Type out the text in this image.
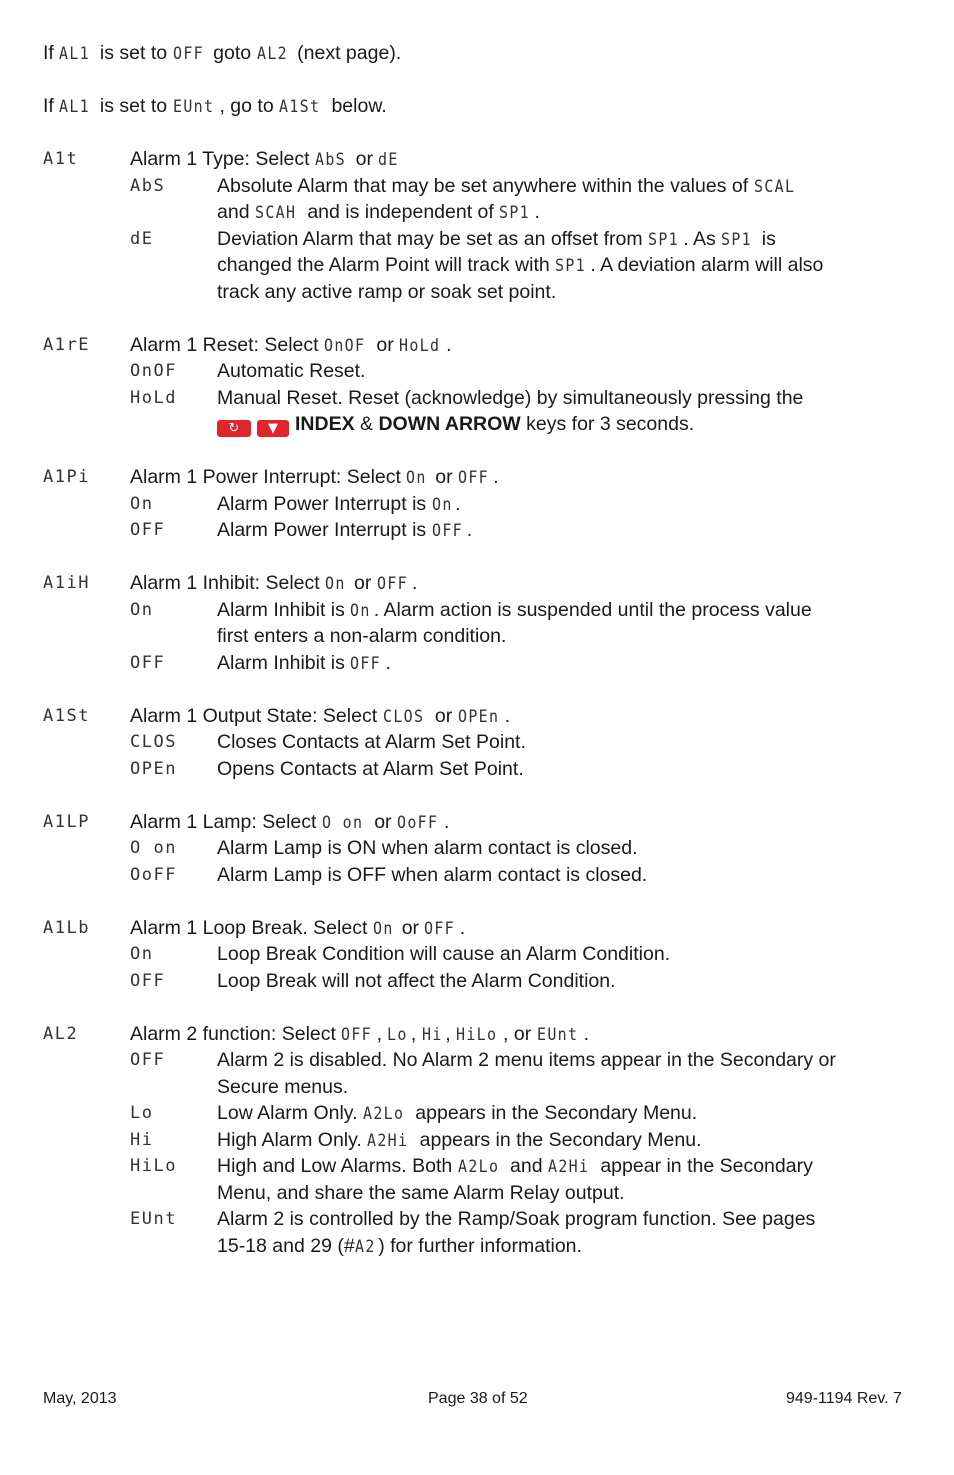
If AL1 is set to OFF goto AL2 (next page).
If AL1 is set to EUnt , go to A1St below.
A1t	Alarm 1 Type: Select AbS or dE
AbS	Absolute Alarm that may be set anywhere within the values of SCAL
and SCAH and is independent of SP1 .
dE	Deviation Alarm that may be set as an offset from SP1 . As SP1 is
changed the Alarm Point will track with SP1 . A deviation alarm will also
track any active ramp or soak set point.
A1rE Alarm 1 Reset: Select OnOF or HoLd .
OnOF Automatic Reset.
HoLd Manual Reset. Reset (acknowledge) by simultaneously pressing the
↻ ▼ INDEX & DOWN ARROW keys for 3 seconds.
A1Pi Alarm 1 Power Interrupt: Select On or OFF .
On	Alarm Power Interrupt is On .
OFF	Alarm Power Interrupt is OFF .
A1iH Alarm 1 Inhibit: Select On or OFF .
On	Alarm Inhibit is On . Alarm action is suspended until the process value
first enters a non-alarm condition.
OFF	Alarm Inhibit is OFF .
A1St Alarm 1 Output State: Select CLOS or OPEn .
CLOS Closes Contacts at Alarm Set Point.
OPEn Opens Contacts at Alarm Set Point.
A1LP Alarm 1 Lamp: Select O on or OoFF .
O on Alarm Lamp is ON when alarm contact is closed.
OoFF Alarm Lamp is OFF when alarm contact is closed.
A1Lb Alarm 1 Loop Break. Select On or OFF .
On	Loop Break Condition will cause an Alarm Condition.
OFF	Loop Break will not affect the Alarm Condition.
AL2	Alarm 2 function: Select OFF , Lo , Hi , HiLo , or EUnt .
OFF	Alarm 2 is disabled. No Alarm 2 menu items appear in the Secondary or
Secure menus.
Lo	Low Alarm Only. A2Lo appears in the Secondary Menu.
Hi	High Alarm Only. A2Hi appears in the Secondary Menu.
HiLo High and Low Alarms. Both A2Lo and A2Hi appear in the Secondary
Menu, and share the same Alarm Relay output.
EUnt Alarm 2 is controlled by the Ramp/Soak program function. See pages
15-18 and 29 (#A2 ) for further information.
May, 2013	Page 38 of 52	949-1194 Rev. 7
